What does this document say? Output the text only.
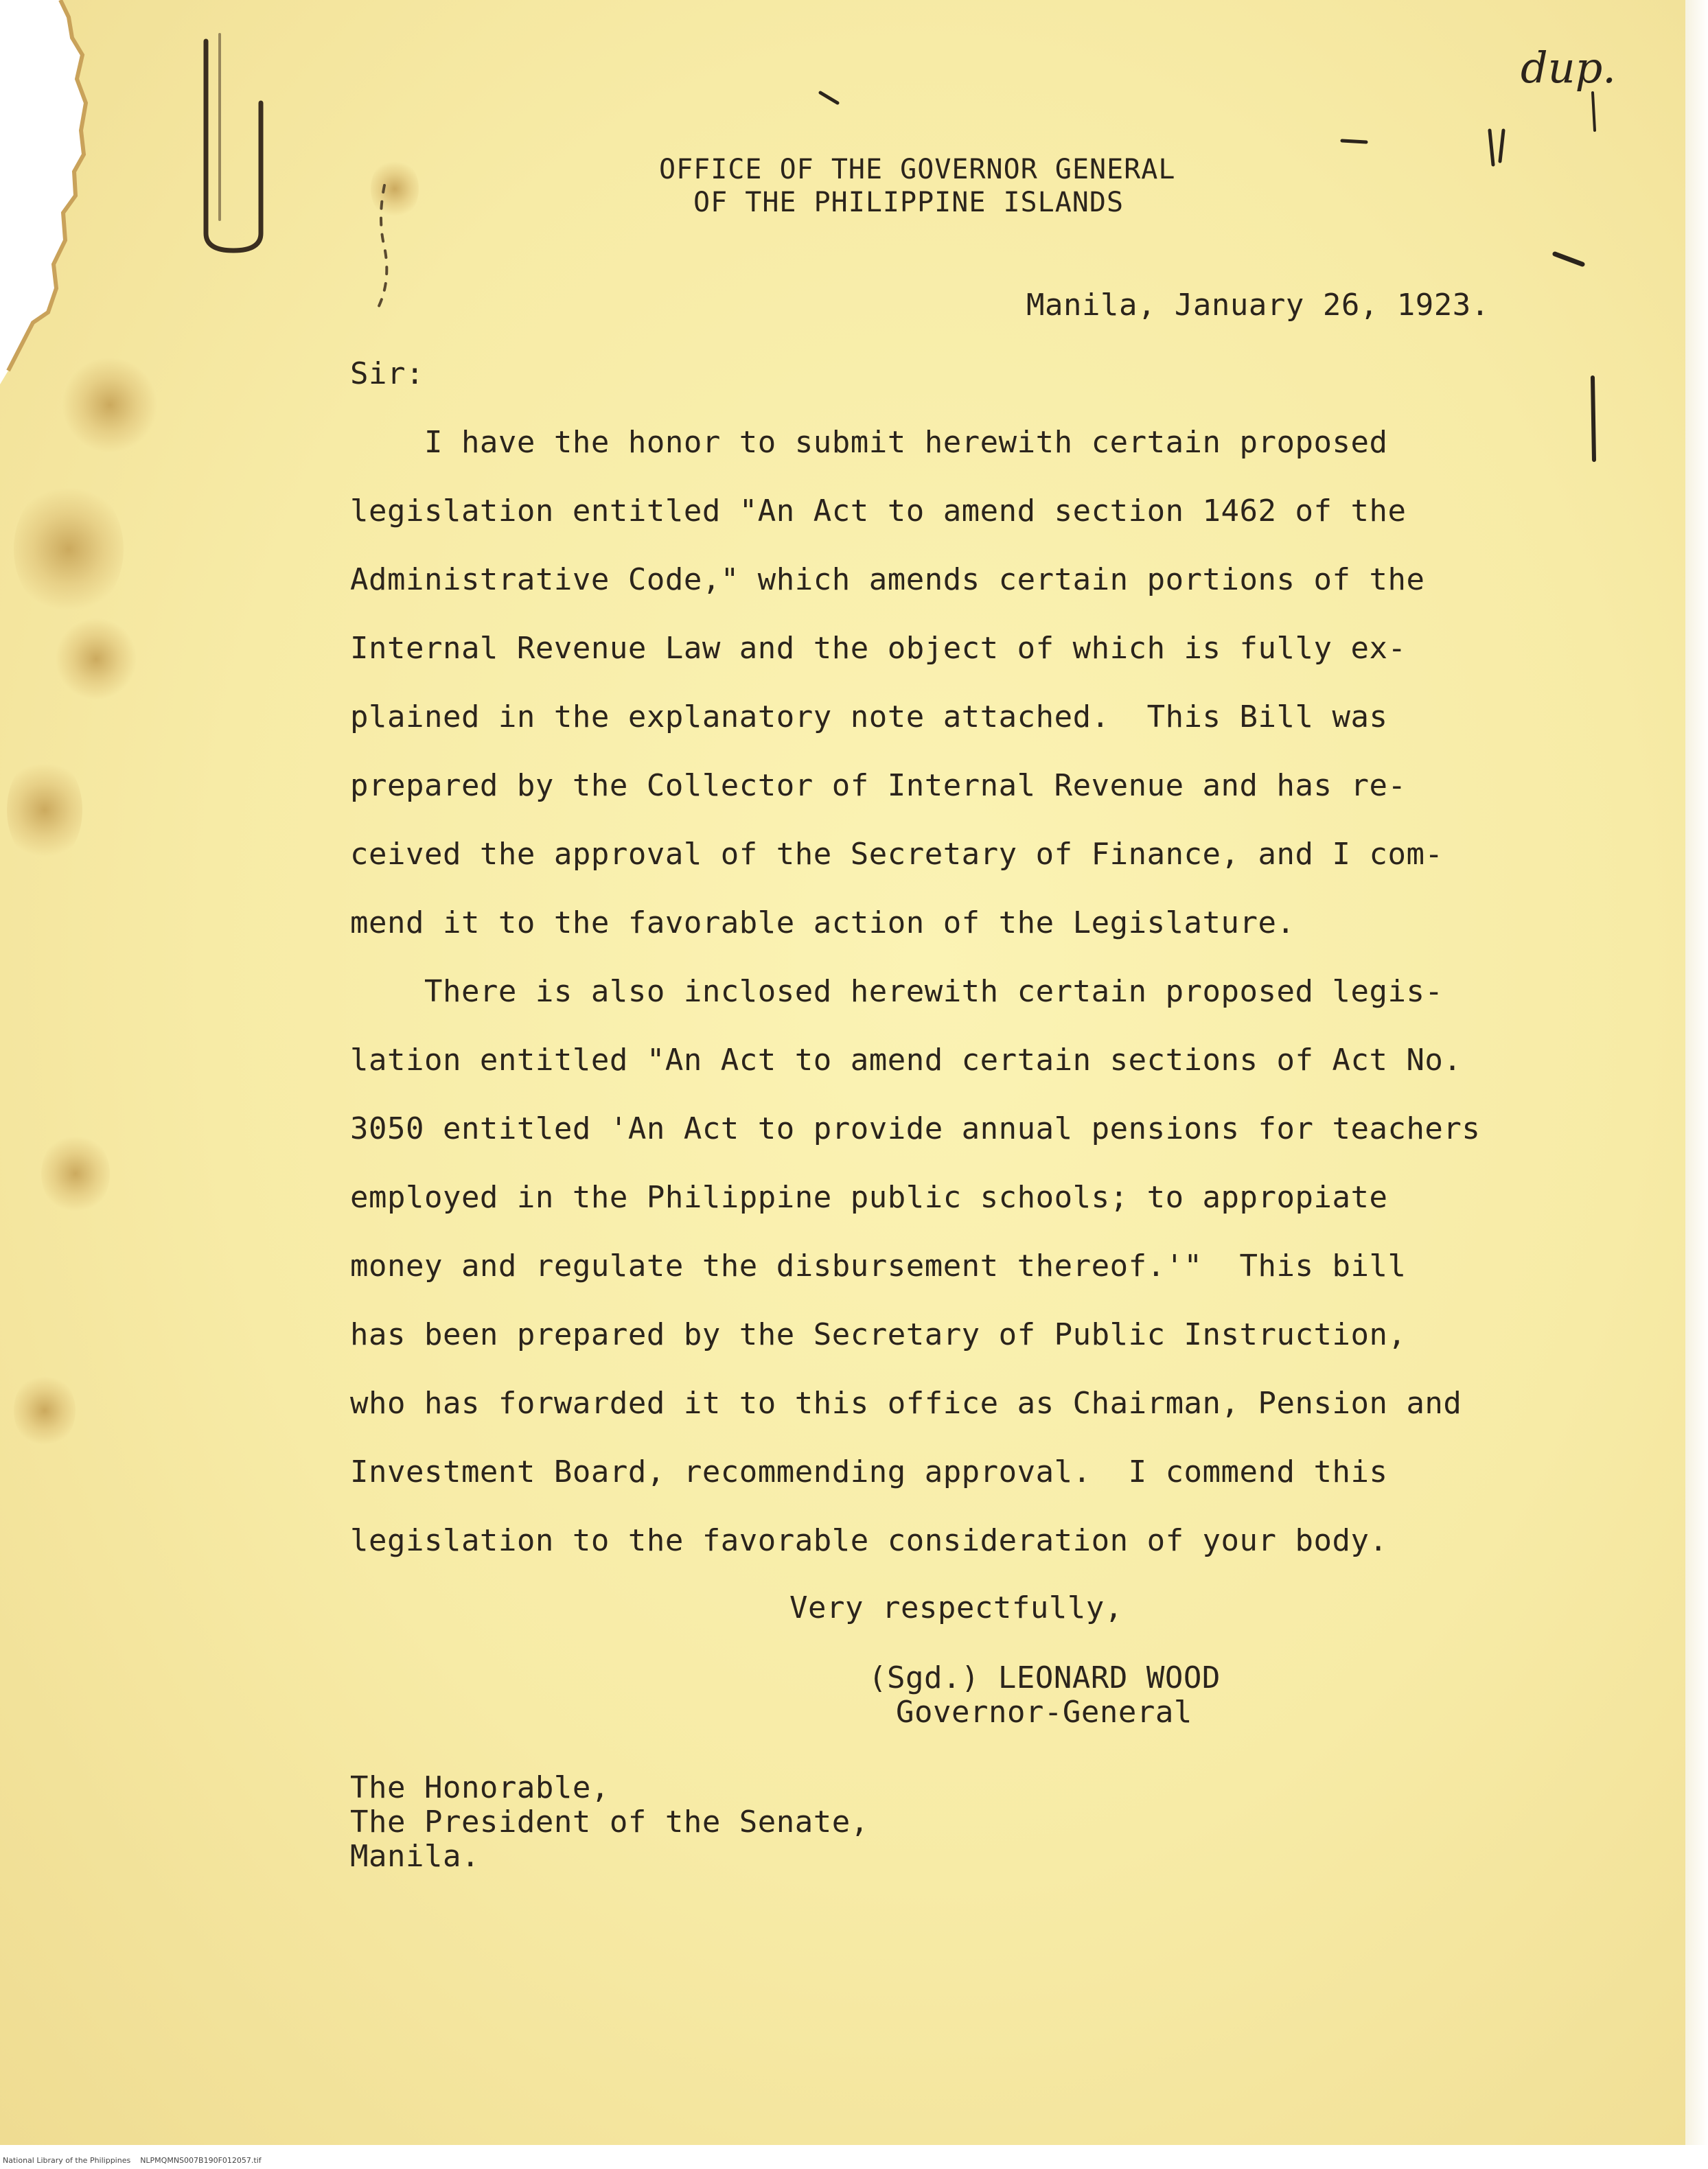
dup.
OFFICE OF THE GOVERNOR GENERAL
OF THE PHILIPPINE ISLANDS
Manila, January 26, 1923.
Sir:
I have the honor to submit herewith certain proposed
legislation entitled "An Act to amend section 1462 of the
Administrative Code," which amends certain portions of the
Internal Revenue Law and the object of which is fully ex-
plained in the explanatory note attached.  This Bill was
prepared by the Collector of Internal Revenue and has re-
ceived the approval of the Secretary of Finance, and I com-
mend it to the favorable action of the Legislature.
There is also inclosed herewith certain proposed legis-
lation entitled "An Act to amend certain sections of Act No.
3050 entitled 'An Act to provide annual pensions for teachers
employed in the Philippine public schools; to appropiate
money and regulate the disbursement thereof.'"  This bill
has been prepared by the Secretary of Public Instruction,
who has forwarded it to this office as Chairman, Pension and
Investment Board, recommending approval.  I commend this
legislation to the favorable consideration of your body.
Very respectfully,
(Sgd.) LEONARD WOOD
Governor-General
The Honorable,
The President of the Senate,
Manila.
National Library of the Philippines    NLPMQMNS007B190F012057.tif
